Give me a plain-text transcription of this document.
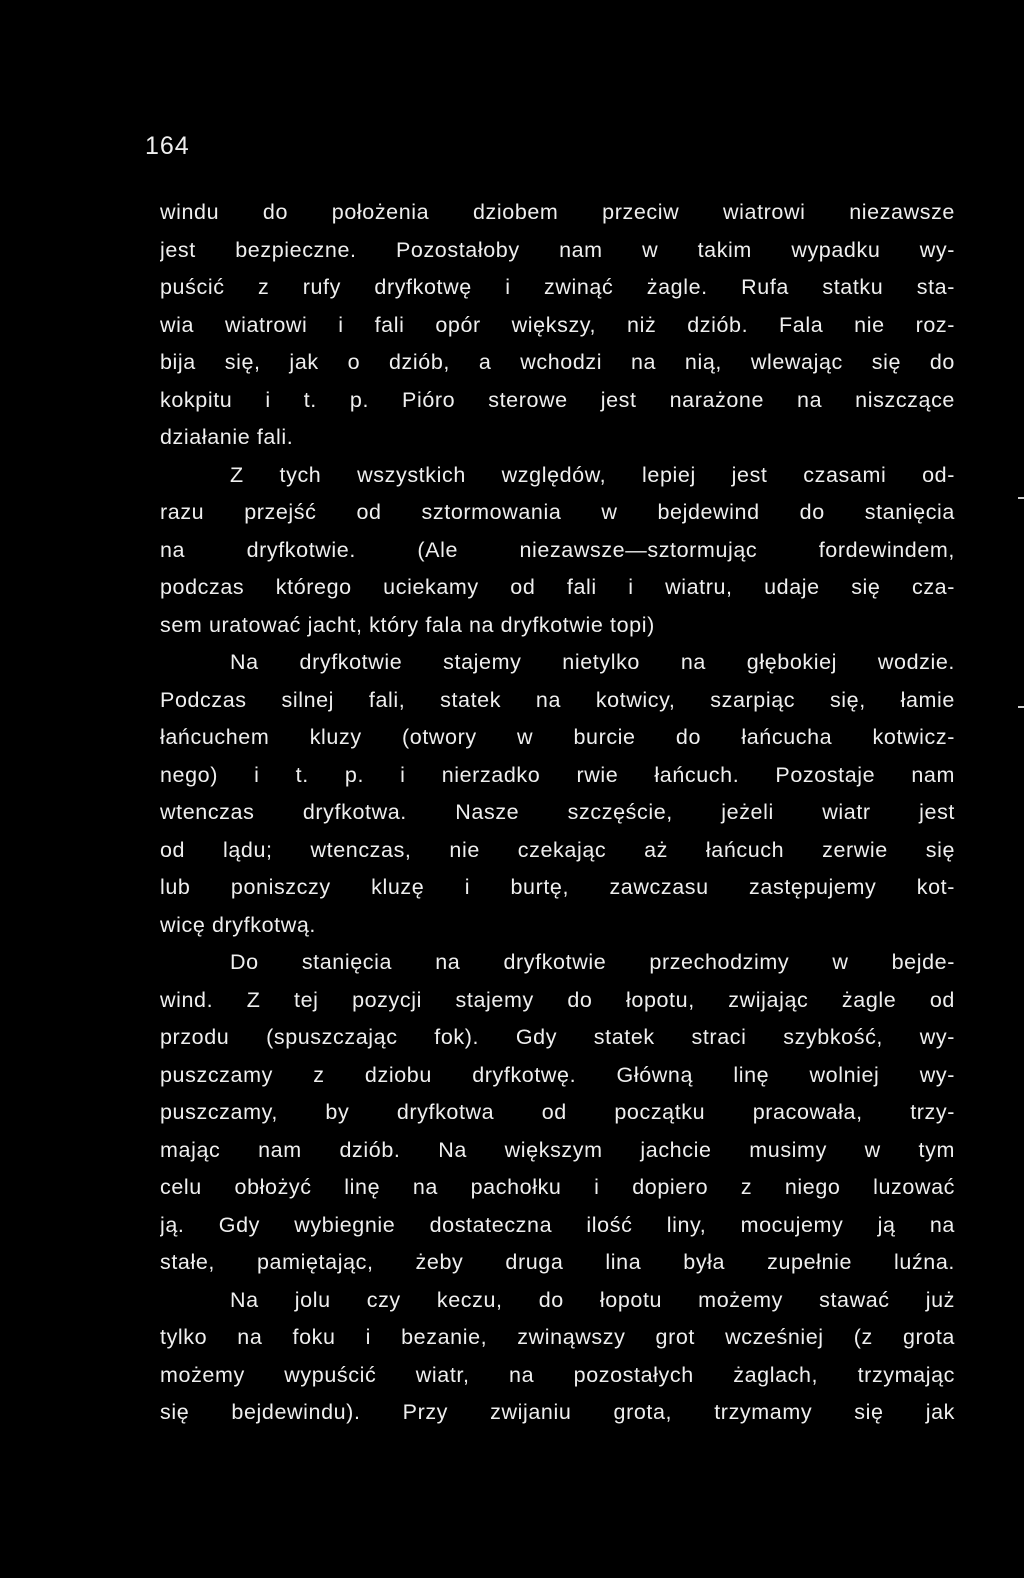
164
windu do położenia dziobem przeciw wiatrowi niezawsze
jest bezpieczne. Pozostałoby nam w takim wypadku wy-
puścić z rufy dryfkotwę i zwinąć żagle. Rufa statku sta-
wia wiatrowi i fali opór większy, niż dziób. Fala nie roz-
bija się, jak o dziób, a wchodzi na nią, wlewając się do
kokpitu i t. p. Pióro sterowe jest narażone na niszczące
działanie fali.
Z tych wszystkich względów, lepiej jest czasami od-
razu przejść od sztormowania w bejdewind do stanięcia
na dryfkotwie. (Ale niezawsze—sztormując fordewindem,
podczas którego uciekamy od fali i wiatru, udaje się cza-
sem uratować jacht, który fala na dryfkotwie topi)
Na dryfkotwie stajemy nietylko na głębokiej wodzie.
Podczas silnej fali, statek na kotwicy, szarpiąc się, łamie
łańcuchem kluzy (otwory w burcie do łańcucha kotwicz-
nego) i t. p. i nierzadko rwie łańcuch. Pozostaje nam
wtenczas dryfkotwa. Nasze szczęście, jeżeli wiatr jest
od lądu; wtenczas, nie czekając aż łańcuch zerwie się
lub poniszczy kluzę i burtę, zawczasu zastępujemy kot-
wicę dryfkotwą.
Do stanięcia na dryfkotwie przechodzimy w bejde-
wind. Z tej pozycji stajemy do łopotu, zwijając żagle od
przodu (spuszczając fok). Gdy statek straci szybkość, wy-
puszczamy z dziobu dryfkotwę. Główną linę wolniej wy-
puszczamy, by dryfkotwa od początku pracowała, trzy-
mając nam dziób. Na większym jachcie musimy w tym
celu obłożyć linę na pachołku i dopiero z niego luzować
ją. Gdy wybiegnie dostateczna ilość liny, mocujemy ją na
stałe, pamiętając, żeby druga lina była zupełnie luźna.
Na jolu czy keczu, do łopotu możemy stawać już
tylko na foku i bezanie, zwinąwszy grot wcześniej (z grota
możemy wypuścić wiatr, na pozostałych żaglach, trzymając
się bejdewindu). Przy zwijaniu grota, trzymamy się jak
